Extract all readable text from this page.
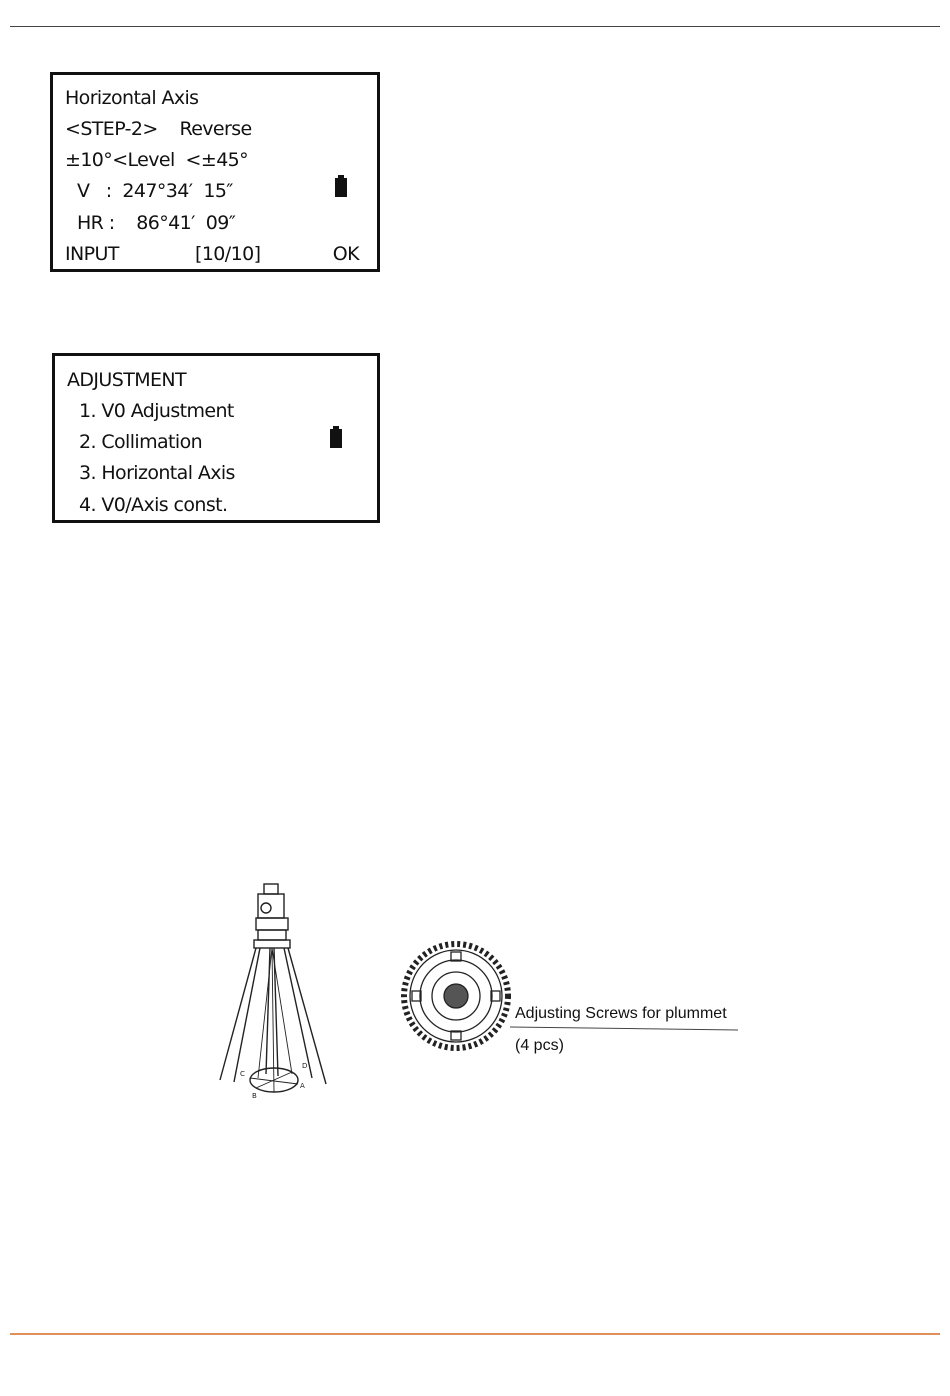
Horizontal Axis
<STEP-2>    Reverse
±10°<Level  <±45°
V   :  247°34′  15″
HR :    86°41′  09″
INPUT	[10/10]	OK
ADJUSTMENT
1. V0 Adjustment
2. Collimation
3. Horizontal Axis
4. V0/Axis const.
C
D
A
B
Adjusting Screws for plummet
(4 pcs)
